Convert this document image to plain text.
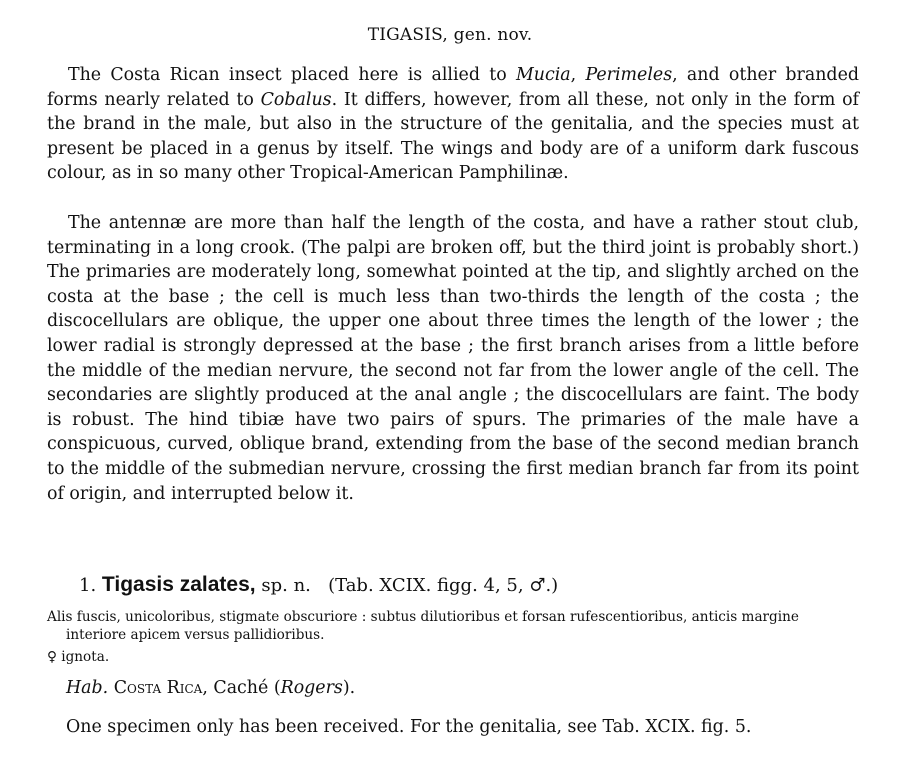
TIGASIS, gen. nov.

The Costa Rican insect placed here is allied to Mucia, Perimeles, and other branded forms nearly related to Cobalus. It differs, however, from all these, not only in the form of the brand in the male, but also in the structure of the genitalia, and the species must at present be placed in a genus by itself. The wings and body are of a uniform dark fuscous colour, as in so many other Tropical-American Pamphilinæ.

The antennæ are more than half the length of the costa, and have a rather stout club, terminating in a long crook. (The palpi are broken off, but the third joint is probably short.) The primaries are moderately long, somewhat pointed at the tip, and slightly arched on the costa at the base ; the cell is much less than two-thirds the length of the costa ; the discocellulars are oblique, the upper one about three times the length of the lower ; the lower radial is strongly depressed at the base ; the first branch arises from a little before the middle of the median nervure, the second not far from the lower angle of the cell. The secondaries are slightly produced at the anal angle ; the discocellulars are faint. The body is robust. The hind tibiæ have two pairs of spurs. The primaries of the male have a conspicuous, curved, oblique brand, extending from the base of the second median branch to the middle of the submedian nervure, crossing the first median branch far from its point of origin, and interrupted below it.

1. Tigasis zalates, sp. n. (Tab. XCIX. figg. 4, 5, ♂.)

Alis fuscis, unicoloribus, stigmate obscuriore : subtus dilutioribus et forsan rufescentioribus, anticis margine
interiore apicem versus pallidioribus.

♀ ignota.
Hab. Costa Rica, Caché (Rogers).
One specimen only has been received. For the genitalia, see Tab. XCIX. fig. 5.
